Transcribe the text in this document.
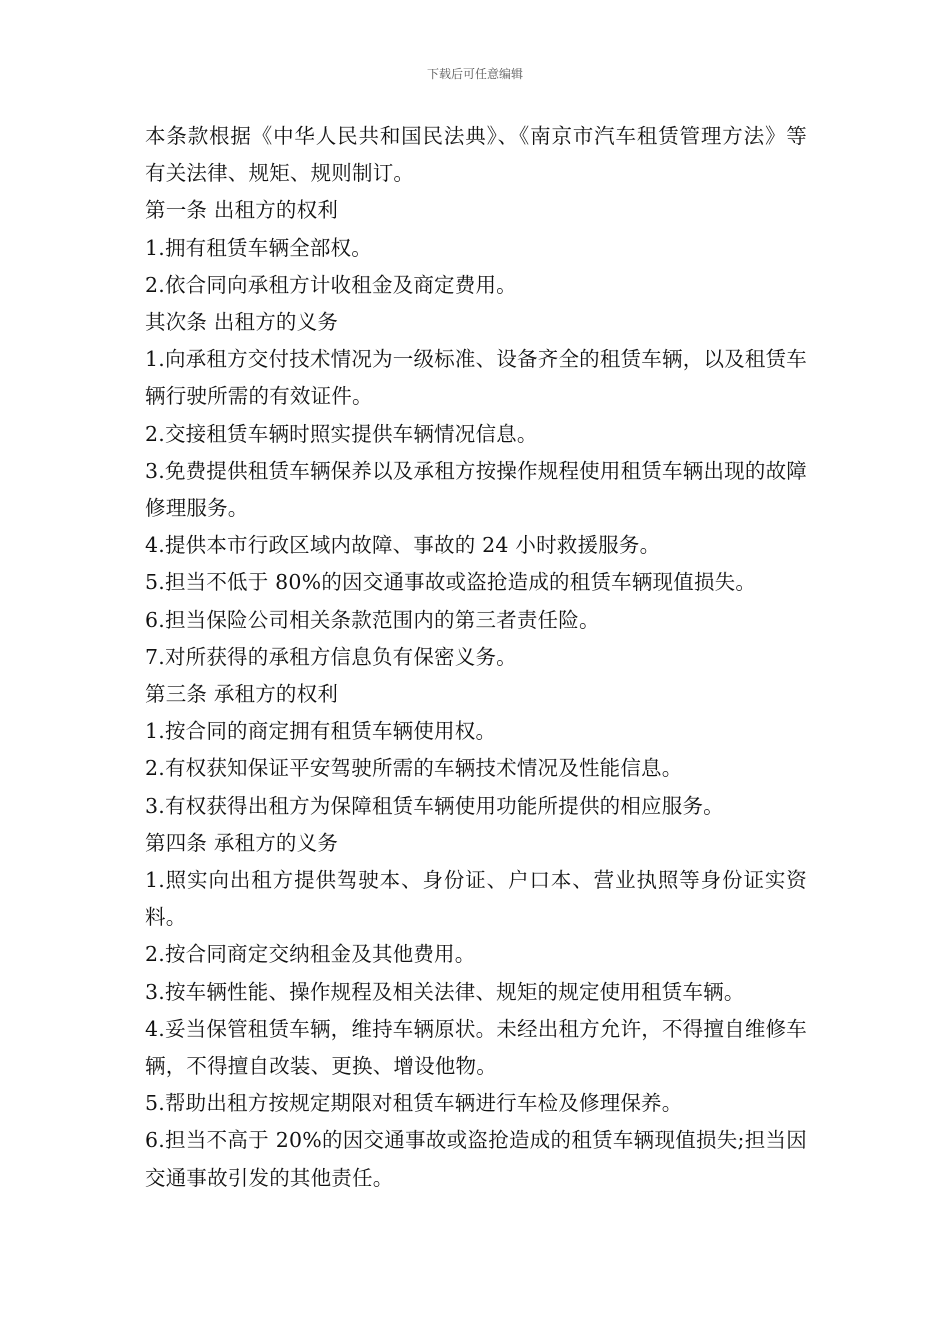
下载后可任意编辑
本条款根据《中华人民共和国民法典》、《南京市汽车租赁管理方法》等有关法律、规矩、规则制订。
第一条 出租方的权利
1.拥有租赁车辆全部权。
2.依合同向承租方计收租金及商定费用。
其次条 出租方的义务
1.向承租方交付技术情况为一级标准、设备齐全的租赁车辆，以及租赁车辆行驶所需的有效证件。
2.交接租赁车辆时照实提供车辆情况信息。
3.免费提供租赁车辆保养以及承租方按操作规程使用租赁车辆出现的故障修理服务。
4.提供本市行政区域内故障、事故的 24 小时救援服务。
5.担当不低于 80%的因交通事故或盗抢造成的租赁车辆现值损失。
6.担当保险公司相关条款范围内的第三者责任险。
7.对所获得的承租方信息负有保密义务。
第三条 承租方的权利
1.按合同的商定拥有租赁车辆使用权。
2.有权获知保证平安驾驶所需的车辆技术情况及性能信息。
3.有权获得出租方为保障租赁车辆使用功能所提供的相应服务。
第四条 承租方的义务
1.照实向出租方提供驾驶本、身份证、户口本、营业执照等身份证实资料。
2.按合同商定交纳租金及其他费用。
3.按车辆性能、操作规程及相关法律、规矩的规定使用租赁车辆。
4.妥当保管租赁车辆，维持车辆原状。未经出租方允许，不得擅自维修车辆，不得擅自改装、更换、增设他物。
5.帮助出租方按规定期限对租赁车辆进行车检及修理保养。
6.担当不高于 20%的因交通事故或盗抢造成的租赁车辆现值损失;担当因交通事故引发的其他责任。
